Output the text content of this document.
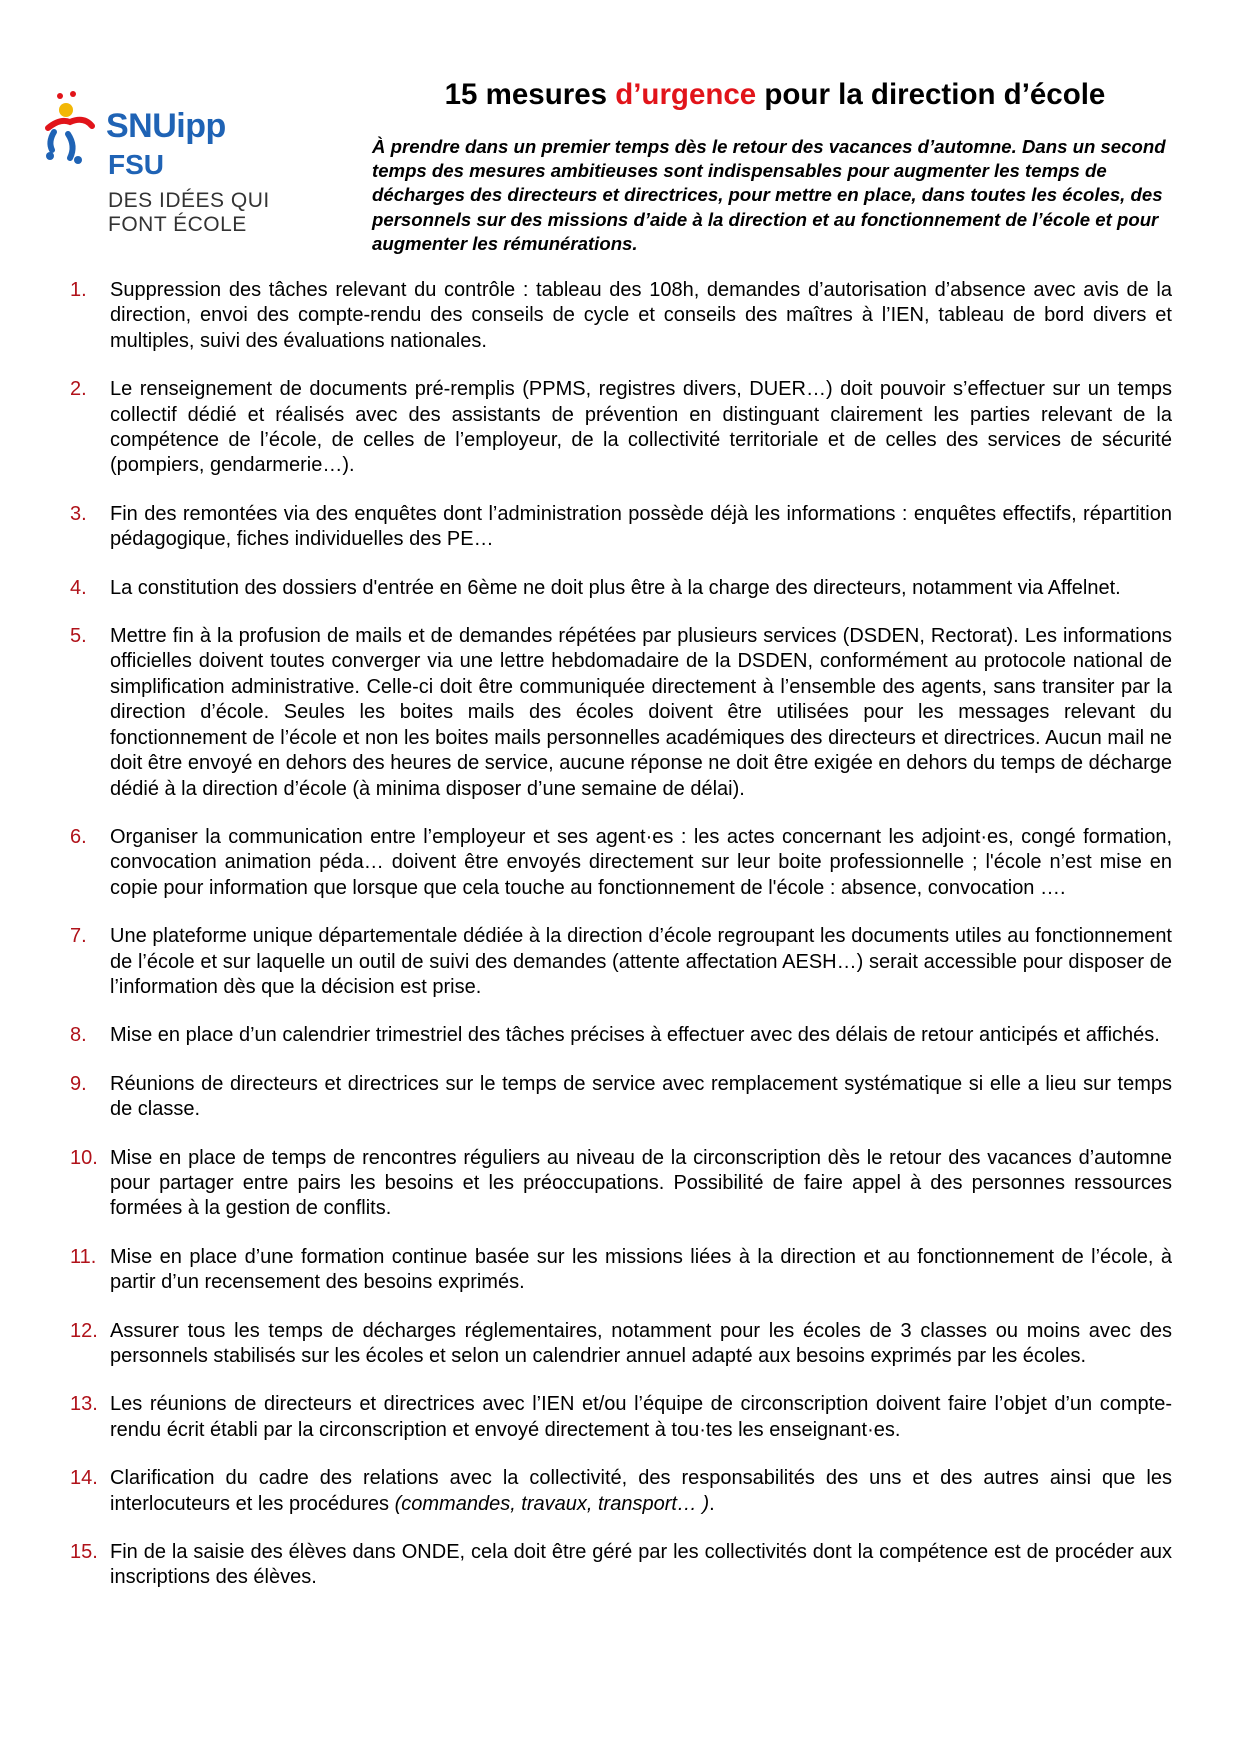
SNUipp
FSU
DES IDÉES QUI FONT ÉCOLE
15 mesures d’urgence pour la direction d’école

À prendre dans un premier temps dès le retour des vacances d’automne. Dans un second temps des mesures ambitieuses sont indispensables pour augmenter les temps de décharges des directeurs et directrices, pour mettre en place, dans toutes les écoles, des personnels sur des missions d’aide à la direction et au fonctionnement de l’école et pour augmenter les rémunérations.

1.	Suppression des tâches relevant du contrôle : tableau des 108h, demandes d’autorisation d’absence avec avis de la direction, envoi des compte-rendu des conseils de cycle et conseils des maîtres à l’IEN, tableau de bord divers et multiples, suivi des évaluations nationales.
2.	Le renseignement de documents pré-remplis (PPMS, registres divers, DUER…) doit pouvoir s’effectuer sur un temps collectif dédié et réalisés avec des assistants de prévention en distinguant clairement les parties relevant de la compétence de l’école, de celles de l’employeur, de la collectivité territoriale et de celles des services de sécurité (pompiers, gendarmerie…).
3.	Fin des remontées via des enquêtes dont l’administration possède déjà les informations : enquêtes effectifs, répartition pédagogique, fiches individuelles des PE…
4.	La constitution des dossiers d'entrée en 6ème ne doit plus être à la charge des directeurs, notamment via Affelnet.
5.	Mettre fin à la profusion de mails et de demandes répétées par plusieurs services (DSDEN, Rectorat). Les informations officielles doivent toutes converger via une lettre hebdomadaire de la DSDEN, conformément au protocole national de simplification administrative. Celle-ci doit être communiquée directement à l’ensemble des agents, sans transiter par la direction d’école. Seules les boites mails des écoles doivent être utilisées pour les messages relevant du fonctionnement de l’école et non les boites mails personnelles académiques des directeurs et directrices. Aucun mail ne doit être envoyé en dehors des heures de service, aucune réponse ne doit être exigée en dehors du temps de décharge dédié à la direction d’école (à minima disposer d’une semaine de délai).
6.	Organiser la communication entre l’employeur et ses agent·es : les actes concernant les adjoint·es, congé formation, convocation animation péda… doivent être envoyés directement sur leur boite professionnelle ; l'école n’est mise en copie pour information que lorsque que cela touche au fonctionnement de l'école : absence, convocation ….
7.	Une plateforme unique départementale dédiée à la direction d’école regroupant les documents utiles au fonctionnement de l’école et sur laquelle un outil de suivi des demandes (attente affectation AESH…) serait accessible pour disposer de l’information dès que la décision est prise.
8.	Mise en place d’un calendrier trimestriel des tâches précises à effectuer avec des délais de retour anticipés et affichés.
9.	Réunions de directeurs et directrices sur le temps de service avec remplacement systématique si elle a lieu sur temps de classe.
10. Mise en place de temps de rencontres réguliers au niveau de la circonscription dès le retour des vacances d’automne pour partager entre pairs les besoins et les préoccupations. Possibilité de faire appel à des personnes ressources formées à la gestion de conflits.
11. Mise en place d’une formation continue basée sur les missions liées à la direction et au fonctionnement de l’école, à partir d’un recensement des besoins exprimés.
12. Assurer tous les temps de décharges réglementaires, notamment pour les écoles de 3 classes ou moins avec des personnels stabilisés sur les écoles et selon un calendrier annuel adapté aux besoins exprimés par les écoles.
13. Les réunions de directeurs et directrices avec l’IEN et/ou l’équipe de circonscription doivent faire l’objet d’un compte-rendu écrit établi par la circonscription et envoyé directement à tou·tes les enseignant·es.
14. Clarification du cadre des relations avec la collectivité, des responsabilités des uns et des autres ainsi que les interlocuteurs et les procédures (commandes, travaux, transport… ).
15. Fin de la saisie des élèves dans ONDE, cela doit être géré par les collectivités dont la compétence est de procéder aux inscriptions des élèves.
